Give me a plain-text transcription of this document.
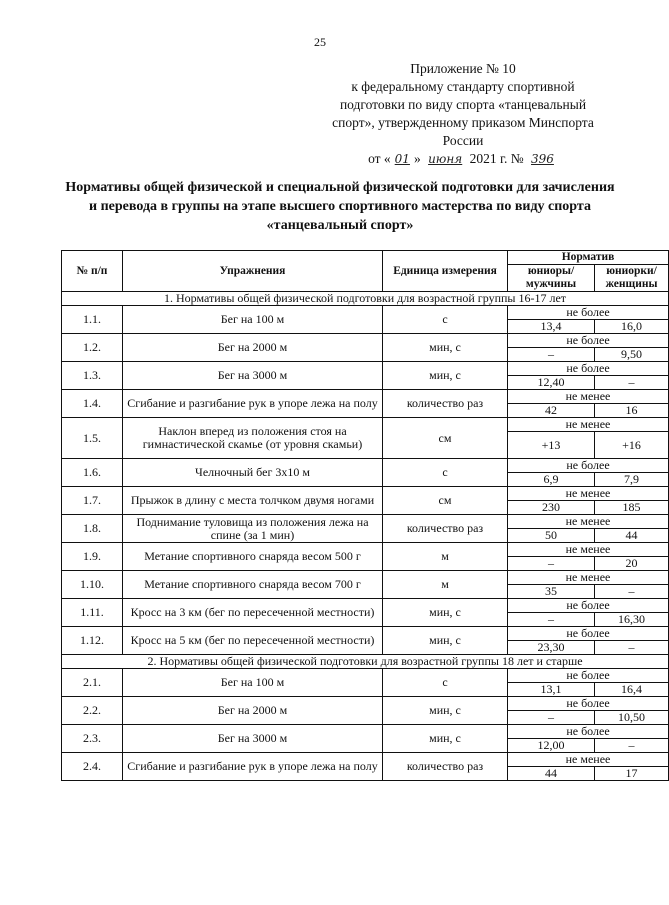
25
Приложение № 10
к федеральному стандарту спортивной подготовки по виду спорта «танцевальный спорт», утвержденному приказом Минспорта России
от « 01 » июня 2021 г. № 396
Нормативы общей физической и специальной физической подготовки для зачисления и перевода в группы на этапе высшего спортивного мастерства по виду спорта «танцевальный спорт»
№ п/п	Упражнения	Единица измерения	Норматив	
			юниоры/ мужчины	юниорки/ женщины
1. Нормативы общей физической подготовки для возрастной группы 16-17 лет				
1.1.	Бег на 100 м	с	не более	
			13,4	16,0
1.2.	Бег на 2000 м	мин, с	не более	
			–	9,50
1.3.	Бег на 3000 м	мин, с	не более	
			12,40	–
1.4.	Сгибание и разгибание рук в упоре лежа на полу	количество раз	не менее	
			42	16
1.5.	Наклон вперед из положения стоя на гимнастической скамье (от уровня скамьи)	см	не менее	
			+13	+16
1.6.	Челночный бег 3х10 м	с	не более	
			6,9	7,9
1.7.	Прыжок в длину с места толчком двумя ногами	см	не менее	
			230	185
1.8.	Поднимание туловища из положения лежа на спине (за 1 мин)	количество раз	не менее	
			50	44
1.9.	Метание спортивного снаряда весом 500 г	м	не менее	
			–	20
1.10.	Метание спортивного снаряда весом 700 г	м	не менее	
			35	–
1.11.	Кросс на 3 км (бег по пересеченной местности)	мин, с	не более	
			–	16,30
1.12.	Кросс на 5 км (бег по пересеченной местности)	мин, с	не более	
			23,30	–
2. Нормативы общей физической подготовки для возрастной группы 18 лет и старше				
2.1.	Бег на 100 м	с	не более	
			13,1	16,4
2.2.	Бег на 2000 м	мин, с	не более	
			–	10,50
2.3.	Бег на 3000 м	мин, с	не более	
			12,00	–
2.4.	Сгибание и разгибание рук в упоре лежа на полу	количество раз	не менее	
			44	17
